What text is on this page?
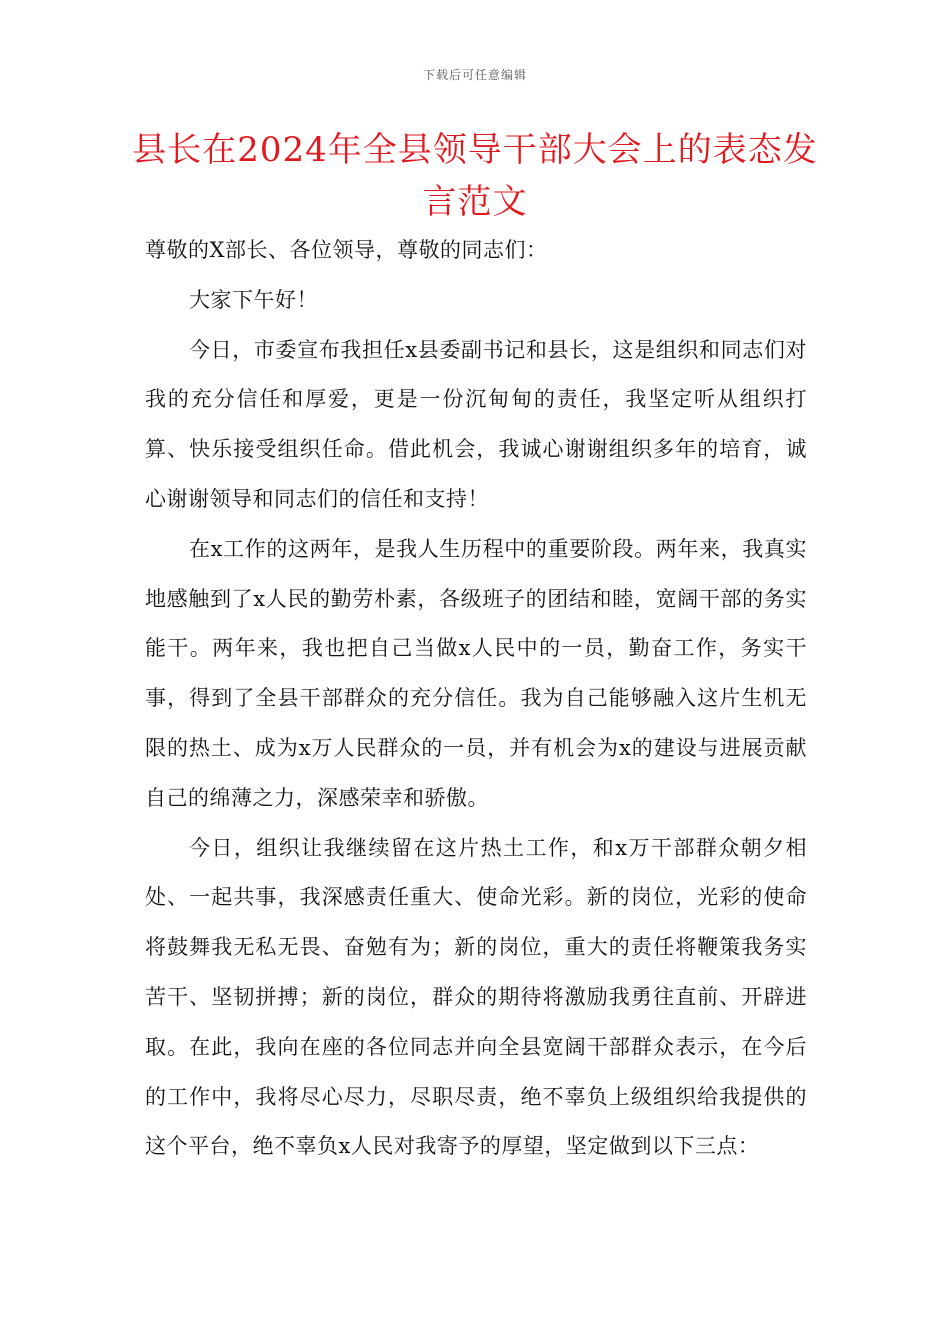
下载后可任意编辑
县长在2024年全县领导干部大会上的表态发言范文

尊敬的X部长、各位领导，尊敬的同志们：

大家下午好！

今日，市委宣布我担任x县委副书记和县长，这是组织和同志们对我的充分信任和厚爱，更是一份沉甸甸的责任，我坚定听从组织打算、快乐接受组织任命。借此机会，我诚心谢谢组织多年的培育，诚心谢谢领导和同志们的信任和支持！

在x工作的这两年，是我人生历程中的重要阶段。两年来，我真实地感触到了x人民的勤劳朴素，各级班子的团结和睦，宽阔干部的务实能干。两年来，我也把自己当做x人民中的一员，勤奋工作，务实干事，得到了全县干部群众的充分信任。我为自己能够融入这片生机无限的热土、成为x万人民群众的一员，并有机会为x的建设与进展贡献自己的绵薄之力，深感荣幸和骄傲。

今日，组织让我继续留在这片热土工作，和x万干部群众朝夕相处、一起共事，我深感责任重大、使命光彩。新的岗位，光彩的使命将鼓舞我无私无畏、奋勉有为；新的岗位，重大的责任将鞭策我务实苦干、坚韧拼搏；新的岗位，群众的期待将激励我勇往直前、开辟进取。在此，我向在座的各位同志并向全县宽阔干部群众表示，在今后的工作中，我将尽心尽力，尽职尽责，绝不辜负上级组织给我提供的这个平台，绝不辜负x人民对我寄予的厚望，坚定做到以下三点：
